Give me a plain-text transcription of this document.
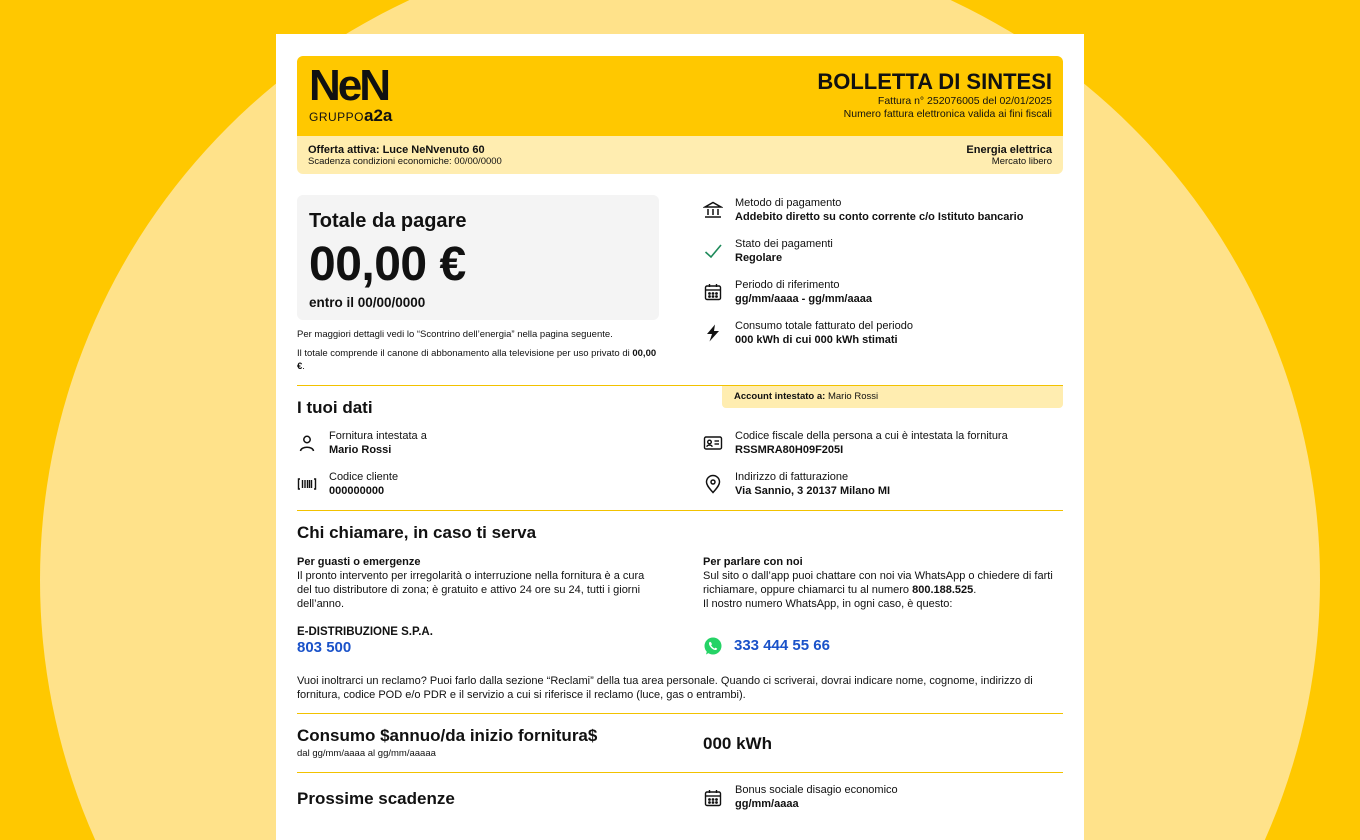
NeN
GRUPPOa2a
BOLLETTA DI SINTESI
Fattura n° 252076005 del 02/01/2025
Numero fattura elettronica valida ai fini fiscali
Offerta attiva: Luce NeNvenuto 60
Scadenza condizioni economiche: 00/00/0000
Energia elettrica
Mercato libero
Totale da pagare
00,00 €
entro il 00/00/0000

Per maggiori dettagli vedi lo “Scontrino dell’energia” nella pagina seguente.

Il totale comprende il canone di abbonamento alla televisione per uso privato di 00,00 €.

Metodo di pagamento
Addebito diretto su conto corrente c/o Istituto bancario
Stato dei pagamenti
Regolare
Periodo di riferimento
gg/mm/aaaa - gg/mm/aaaa
Consumo totale fatturato del periodo
000 kWh di cui 000 kWh stimati
Account intestato a: Mario Rossi
I tuoi dati
Fornitura intestata a
Mario Rossi
Codice cliente
000000000
Codice fiscale della persona a cui è intestata la fornitura
RSSMRA80H09F205I
Indirizzo di fatturazione
Via Sannio, 3 20137 Milano MI
Chi chiamare, in caso ti serva
Per guasti o emergenze
Il pronto intervento per irregolarità o interruzione nella fornitura è a cura del tuo distributore di zona; è gratuito e attivo 24 ore su 24, tutti i giorni dell’anno.
E-DISTRIBUZIONE S.P.A.
803 500
Per parlare con noi
Sul sito o dall’app puoi chattare con noi via WhatsApp o chiedere di farti richiamare, oppure chiamarci tu al numero 800.188.525.
Il nostro numero WhatsApp, in ogni caso, è questo:
333 444 55 66
Vuoi inoltrarci un reclamo? Puoi farlo dalla sezione “Reclami” della tua area personale. Quando ci scriverai, dovrai indicare nome, cognome, indirizzo di fornitura, codice POD e/o PDR e il servizio a cui si riferisce il reclamo (luce, gas o entrambi).
Consumo $annuo/da inizio fornitura$
dal gg/mm/aaaa al gg/mm/aaaaa
000 kWh
Prossime scadenze	Bonus sociale disagio economico
gg/mm/aaaa
